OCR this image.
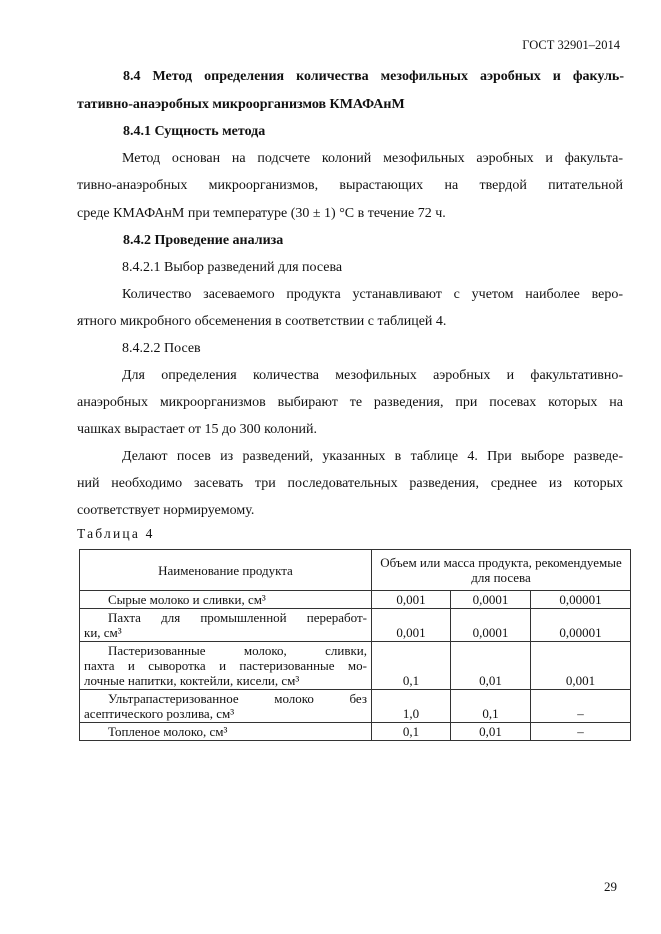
ГОСТ 32901–2014
8.4 Метод определения количества мезофильных аэробных и факуль-
тативно-анаэробных микроорганизмов КМАФАнМ
8.4.1 Сущность метода
Метод основан на подсчете колоний мезофильных аэробных и факульта-
тивно-анаэробных микроорганизмов, вырастающих на твердой питательной
среде КМАФАнМ при температуре (30 ± 1) °С в течение 72 ч.
8.4.2 Проведение анализа
8.4.2.1 Выбор разведений для посева
Количество засеваемого продукта устанавливают с учетом наиболее веро-
ятного микробного обсеменения в соответствии с таблицей 4.
8.4.2.2 Посев
Для определения количества мезофильных аэробных и факультативно-
анаэробных микроорганизмов выбирают те разведения, при посевах которых на
чашках вырастает от 15 до 300 колоний.
Делают посев из разведений, указанных в таблице 4. При выборе разведе-
ний необходимо засевать три последовательных разведения, среднее из которых
соответствует нормируемому.
Таблица 4
Наименование продукта	Объем или масса продукта, рекомендуемые для посева		

Сырые молоко и сливки, см³	0,001	0,0001	0,00001

Пахта для промышленной переработ-
ки, см³	0,001	0,0001	0,00001

Пастеризованные молоко, сливки,
пахта и сыворотка и пастеризованные мо-
лочные напитки, коктейли, кисели, см³	0,1	0,01	0,001

Ультрапастеризованное молоко без
асептического розлива, см³	1,0	0,1	–

Топленое молоко, см³	0,1	0,01	–
29
